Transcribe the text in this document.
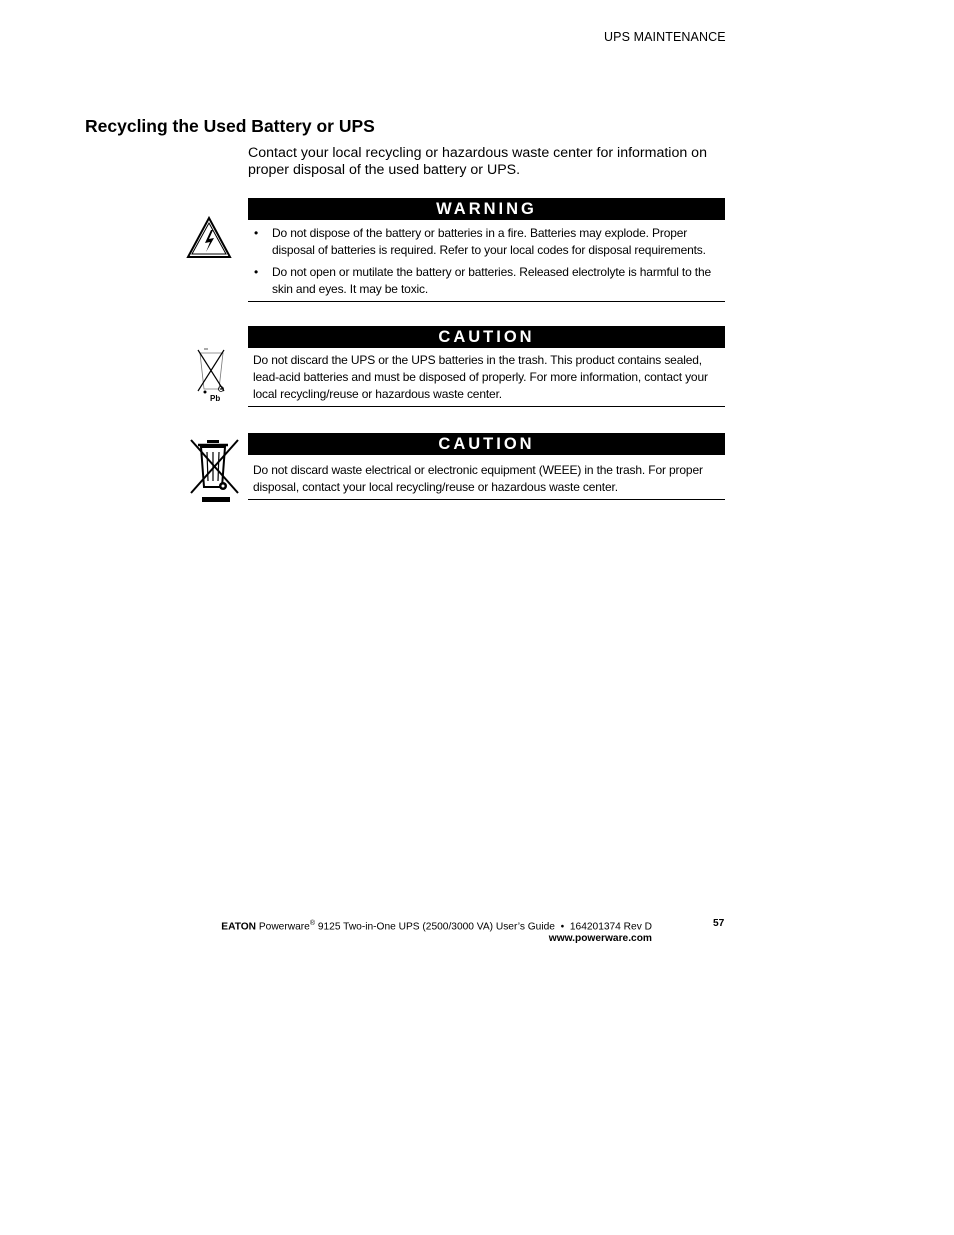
UPS MAINTENANCE
Recycling the Used Battery or UPS

Contact your local recycling or hazardous waste center for information on proper disposal of the used battery or UPS.

WARNING
• Do not dispose of the battery or batteries in a fire. Batteries may explode. Proper disposal of batteries is required. Refer to your local codes for disposal requirements.
• Do not open or mutilate the battery or batteries. Released electrolyte is harmful to the skin and eyes. It may be toxic.
Pb
CAUTION

Do not discard the UPS or the UPS batteries in the trash. This product contains sealed, lead-acid batteries and must be disposed of properly. For more information, contact your local recycling/reuse or hazardous waste center.

CAUTION

Do not discard waste electrical or electronic equipment (WEEE) in the trash. For proper disposal, contact your local recycling/reuse or hazardous waste center.

EATON Powerware® 9125 Two-in-One UPS (2500/3000 VA) User’s Guide • 164201374 Rev D
www.powerware.com
57
